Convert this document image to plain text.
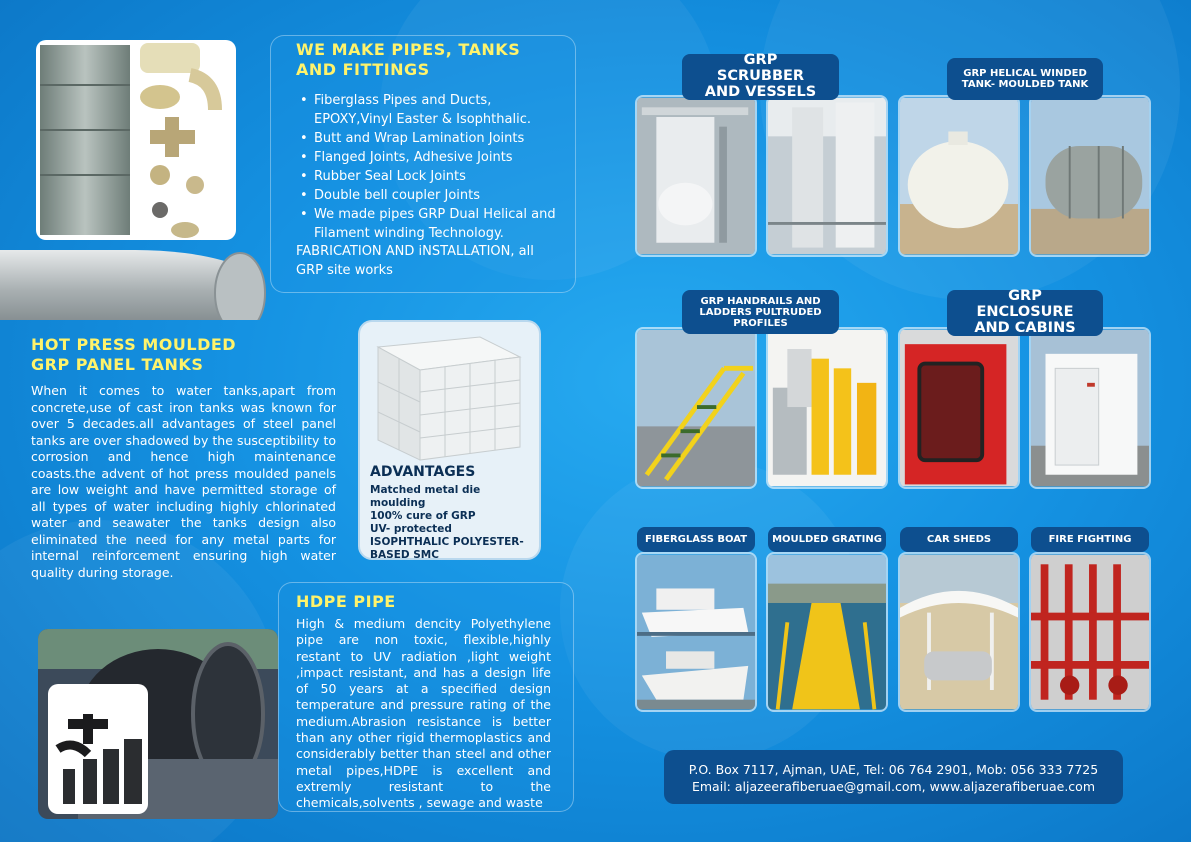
WE MAKE PIPES, TANKS AND FITTINGS
• Fiberglass Pipes and Ducts, EPOXY,Vinyl Easter & Isophthalic.
• Butt and Wrap Lamination Joints
• Flanged Joints, Adhesive Joints
• Rubber Seal Lock Joints
• Double bell coupler Joints
• We made pipes GRP Dual Helical and Filament winding Technology.
FABRICATION AND iNSTALLATION, all GRP site works
HOT PRESS MOULDED
GRP PANEL TANKS
When it comes to water tanks,apart from concrete,use of cast iron tanks was known for over 5 decades.all advantages of steel panel tanks are over shadowed by the susceptibility to corrosion and hence high maintenance coasts.the advent of hot press moulded panels are low weight and have permitted storage of all types of water including highly chlorinated water and seawater the tanks design also eliminated the need for any metal parts for internal reinforcement ensuring high water quality during storage.
ADVANTAGES
Matched metal die moulding
100% cure of GRP
UV- protected
ISOPHTHALIC POLYESTER- BASED SMC
HDPE PIPE
High & medium dencity Polyethylene pipe are non toxic, flexible,highly restant to UV radiation ,light weight ,impact resistant, and has a design life of 50 years at a specified design temperature and pressure rating of the medium.Abrasion resistance is better than any other rigid thermoplastics and considerably better than steel and other metal pipes,HDPE is excellent and extremly resistant to the chemicals,solvents , sewage and waste
GRP SCRUBBER AND VESSELS
GRP HELICAL WINDED TANK- MOULDED TANK
GRP HANDRAILS AND LADDERS PULTRUDED PROFILES
GRP ENCLOSURE AND CABINS
FIBERGLASS BOAT	MOULDED GRATING	CAR SHEDS	FIRE FIGHTING
P.O. Box 7117, Ajman, UAE, Tel: 06 764 2901, Mob: 056 333 7725
Email: aljazeerafiberuae@gmail.com, www.aljazerafiberuae.com
